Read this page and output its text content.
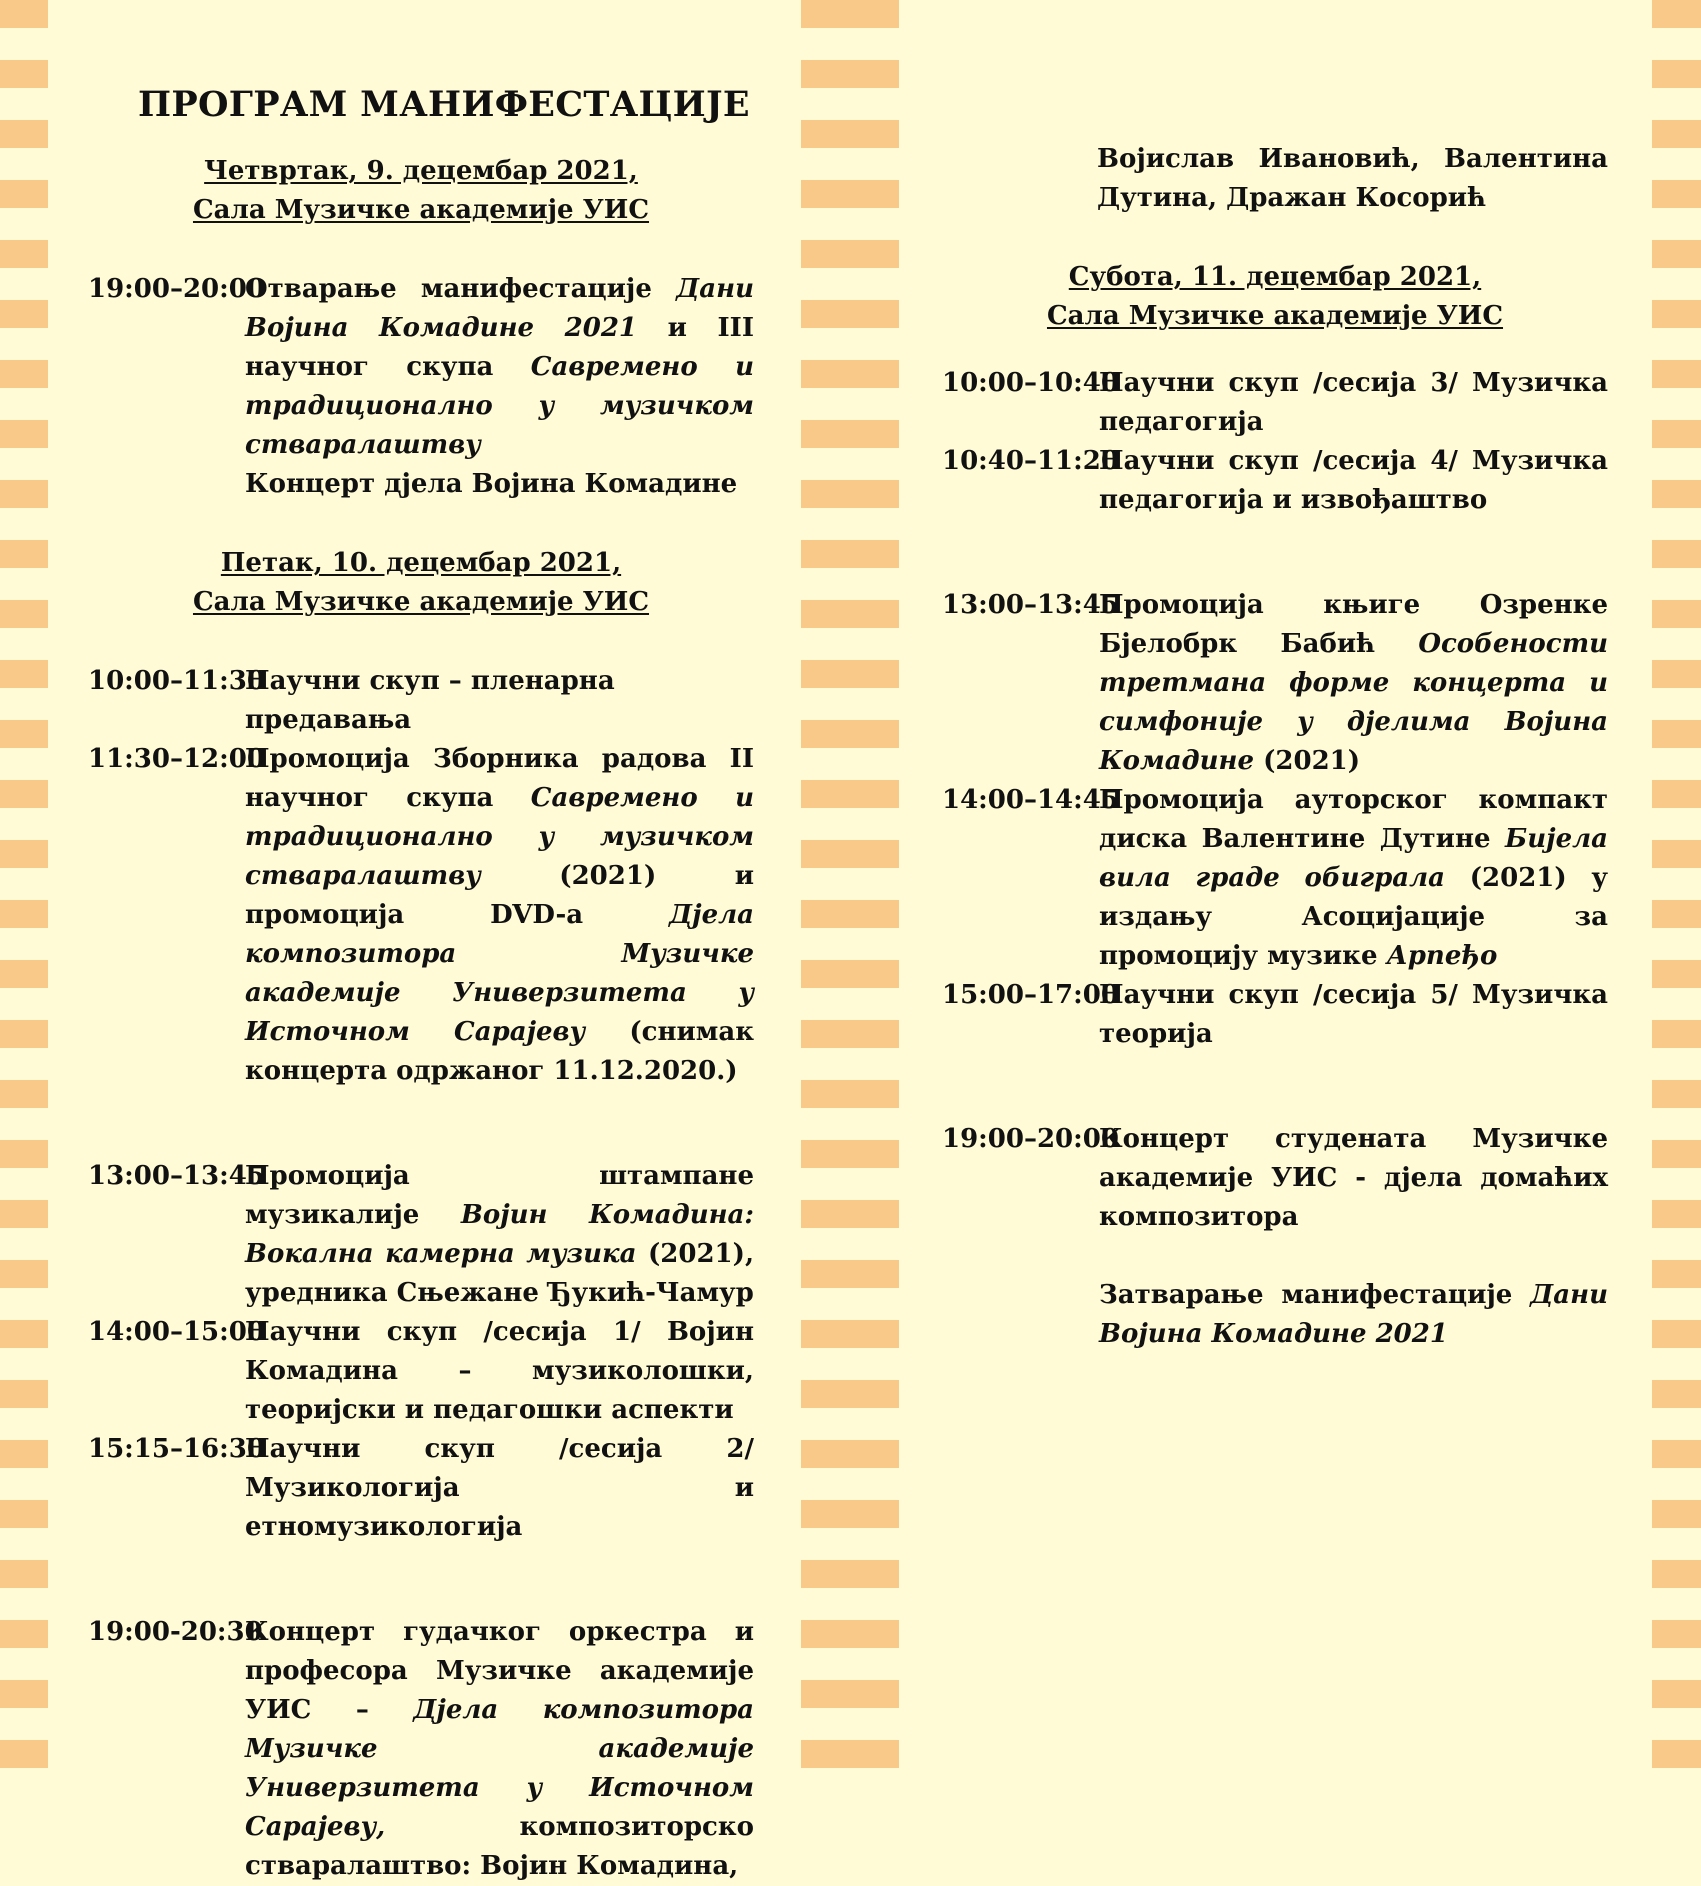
ПРОГРАМ МАНИФЕСТАЦИЈЕ
Четвртак, 9. децембар 2021,
Сала Музичке академије УИС
19:00–20:00
Отварање манифестације Дани Војина Комадине 2021 и III научног скупа Савремено и традиционално у музичком стваралаштву
Концерт дјела Војина Комадине
Петак, 10. децембар 2021,
Сала Музичке академије УИС
10:00–11:30
Научни скуп – пленарна предавања
11:30–12:00
Промоција Зборника радова II научног скупа Савремено и традиционално у музичком стваралаштву (2021) и промоција DVD-а Дјела композитора Музичке академије Универзитета у Источном Сарајеву (снимак концерта одржаног 11.12.2020.)
13:00–13:45
Промоција штампане музикалије Војин Комадина: Вокална камерна музика (2021), уредника Сњежане Ђукић-Чамур
14:00–15:00
Научни скуп /сесија 1/ Војин Комадина – музиколошки, теоријски и педагошки аспекти
15:15–16:30
Научни скуп /сесија 2/ Музикологија и етномузикологија
19:00-20:30
Концерт гудачког оркестра и професора Музичке академије УИС – Дјела композитора Музичке академије Универзитета у Источном Сарајеву, композиторско стваралаштво: Војин Комадина,
Војислав Ивановић, Валентина Дутина, Дражан Косорић
Субота, 11. децембар 2021,
Сала Музичке академије УИС
10:00–10:40
Научни скуп /сесија 3/ Музичка педагогија
10:40–11:20
Научни скуп /сесија 4/ Музичка педагогија и извођаштво
13:00–13:45
Промоција књиге Озренке Бјелобрк Бабић Особености третмана форме концерта и симфоније у дјелима Војина Комадине (2021)
14:00–14:45
Промоција ауторског компакт диска Валентине Дутине Бијела вила граде обиграла (2021) у издању Асоцијације за промоцију музике Арпеђо
15:00–17:00
Научни скуп /сесија 5/ Музичка теорија
19:00–20:00
Концерт студената Музичке академије УИС - дјела домаћих композитора
Затварање манифестације Дани Војина Комадине 2021
